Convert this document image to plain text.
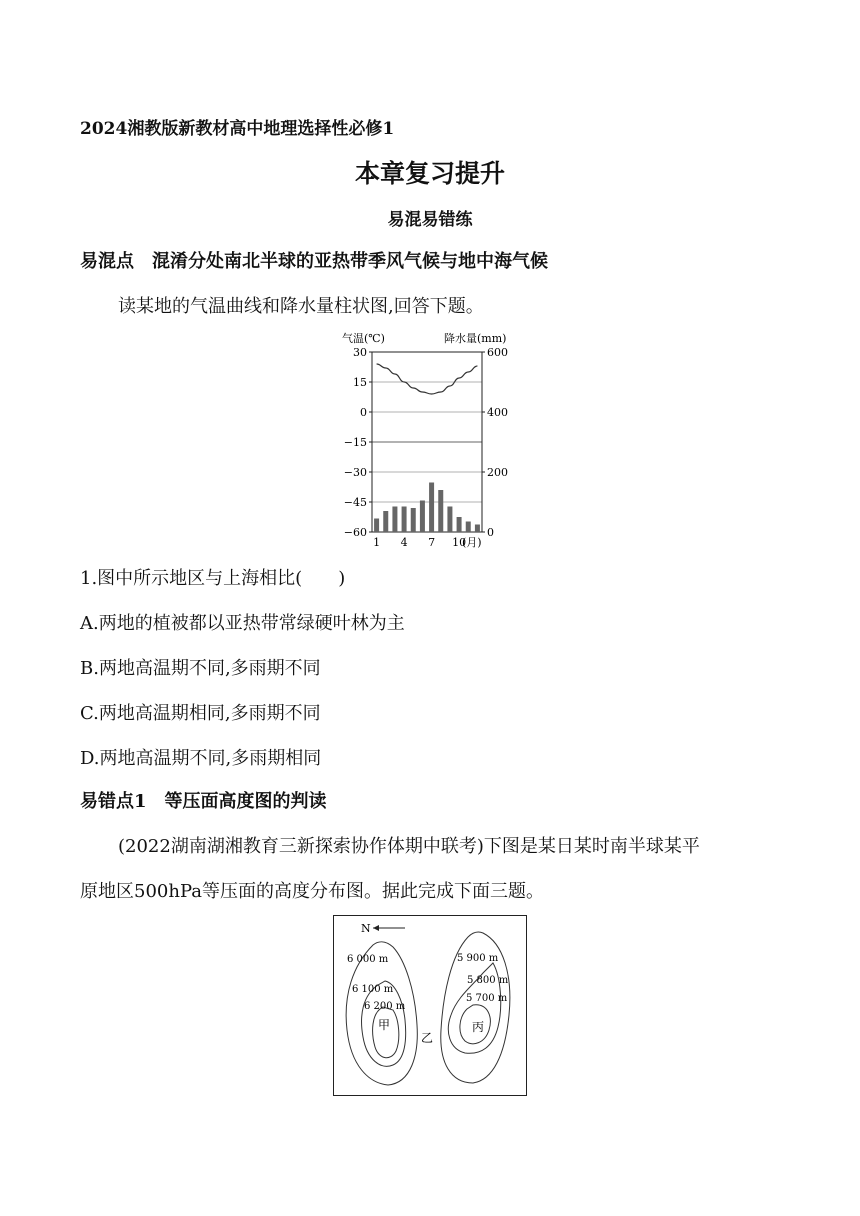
2024湘教版新教材高中地理选择性必修1
本章复习提升
易混易错练
易混点　混淆分处南北半球的亚热带季风气候与地中海气候
读某地的气温曲线和降水量柱状图,回答下题。
气温(℃)	降水量(mm)
30
15
0
−15
−30
−45
−60
600
400
200
0
1 4 7 10
(月)
1.图中所示地区与上海相比(　　)
A.两地的植被都以亚热带常绿硬叶林为主
B.两地高温期不同,多雨期不同
C.两地高温期相同,多雨期不同
D.两地高温期不同,多雨期相同
易错点1　等压面高度图的判读
(2022湖南湖湘教育三新探索协作体期中联考)下图是某日某时南半球某平
原地区500hPa等压面的高度分布图。据此完成下面三题。
N
6 000 m
6 100 m
6 200 m
5 900 m
5 800 m
5 700 m
甲
乙
丙
